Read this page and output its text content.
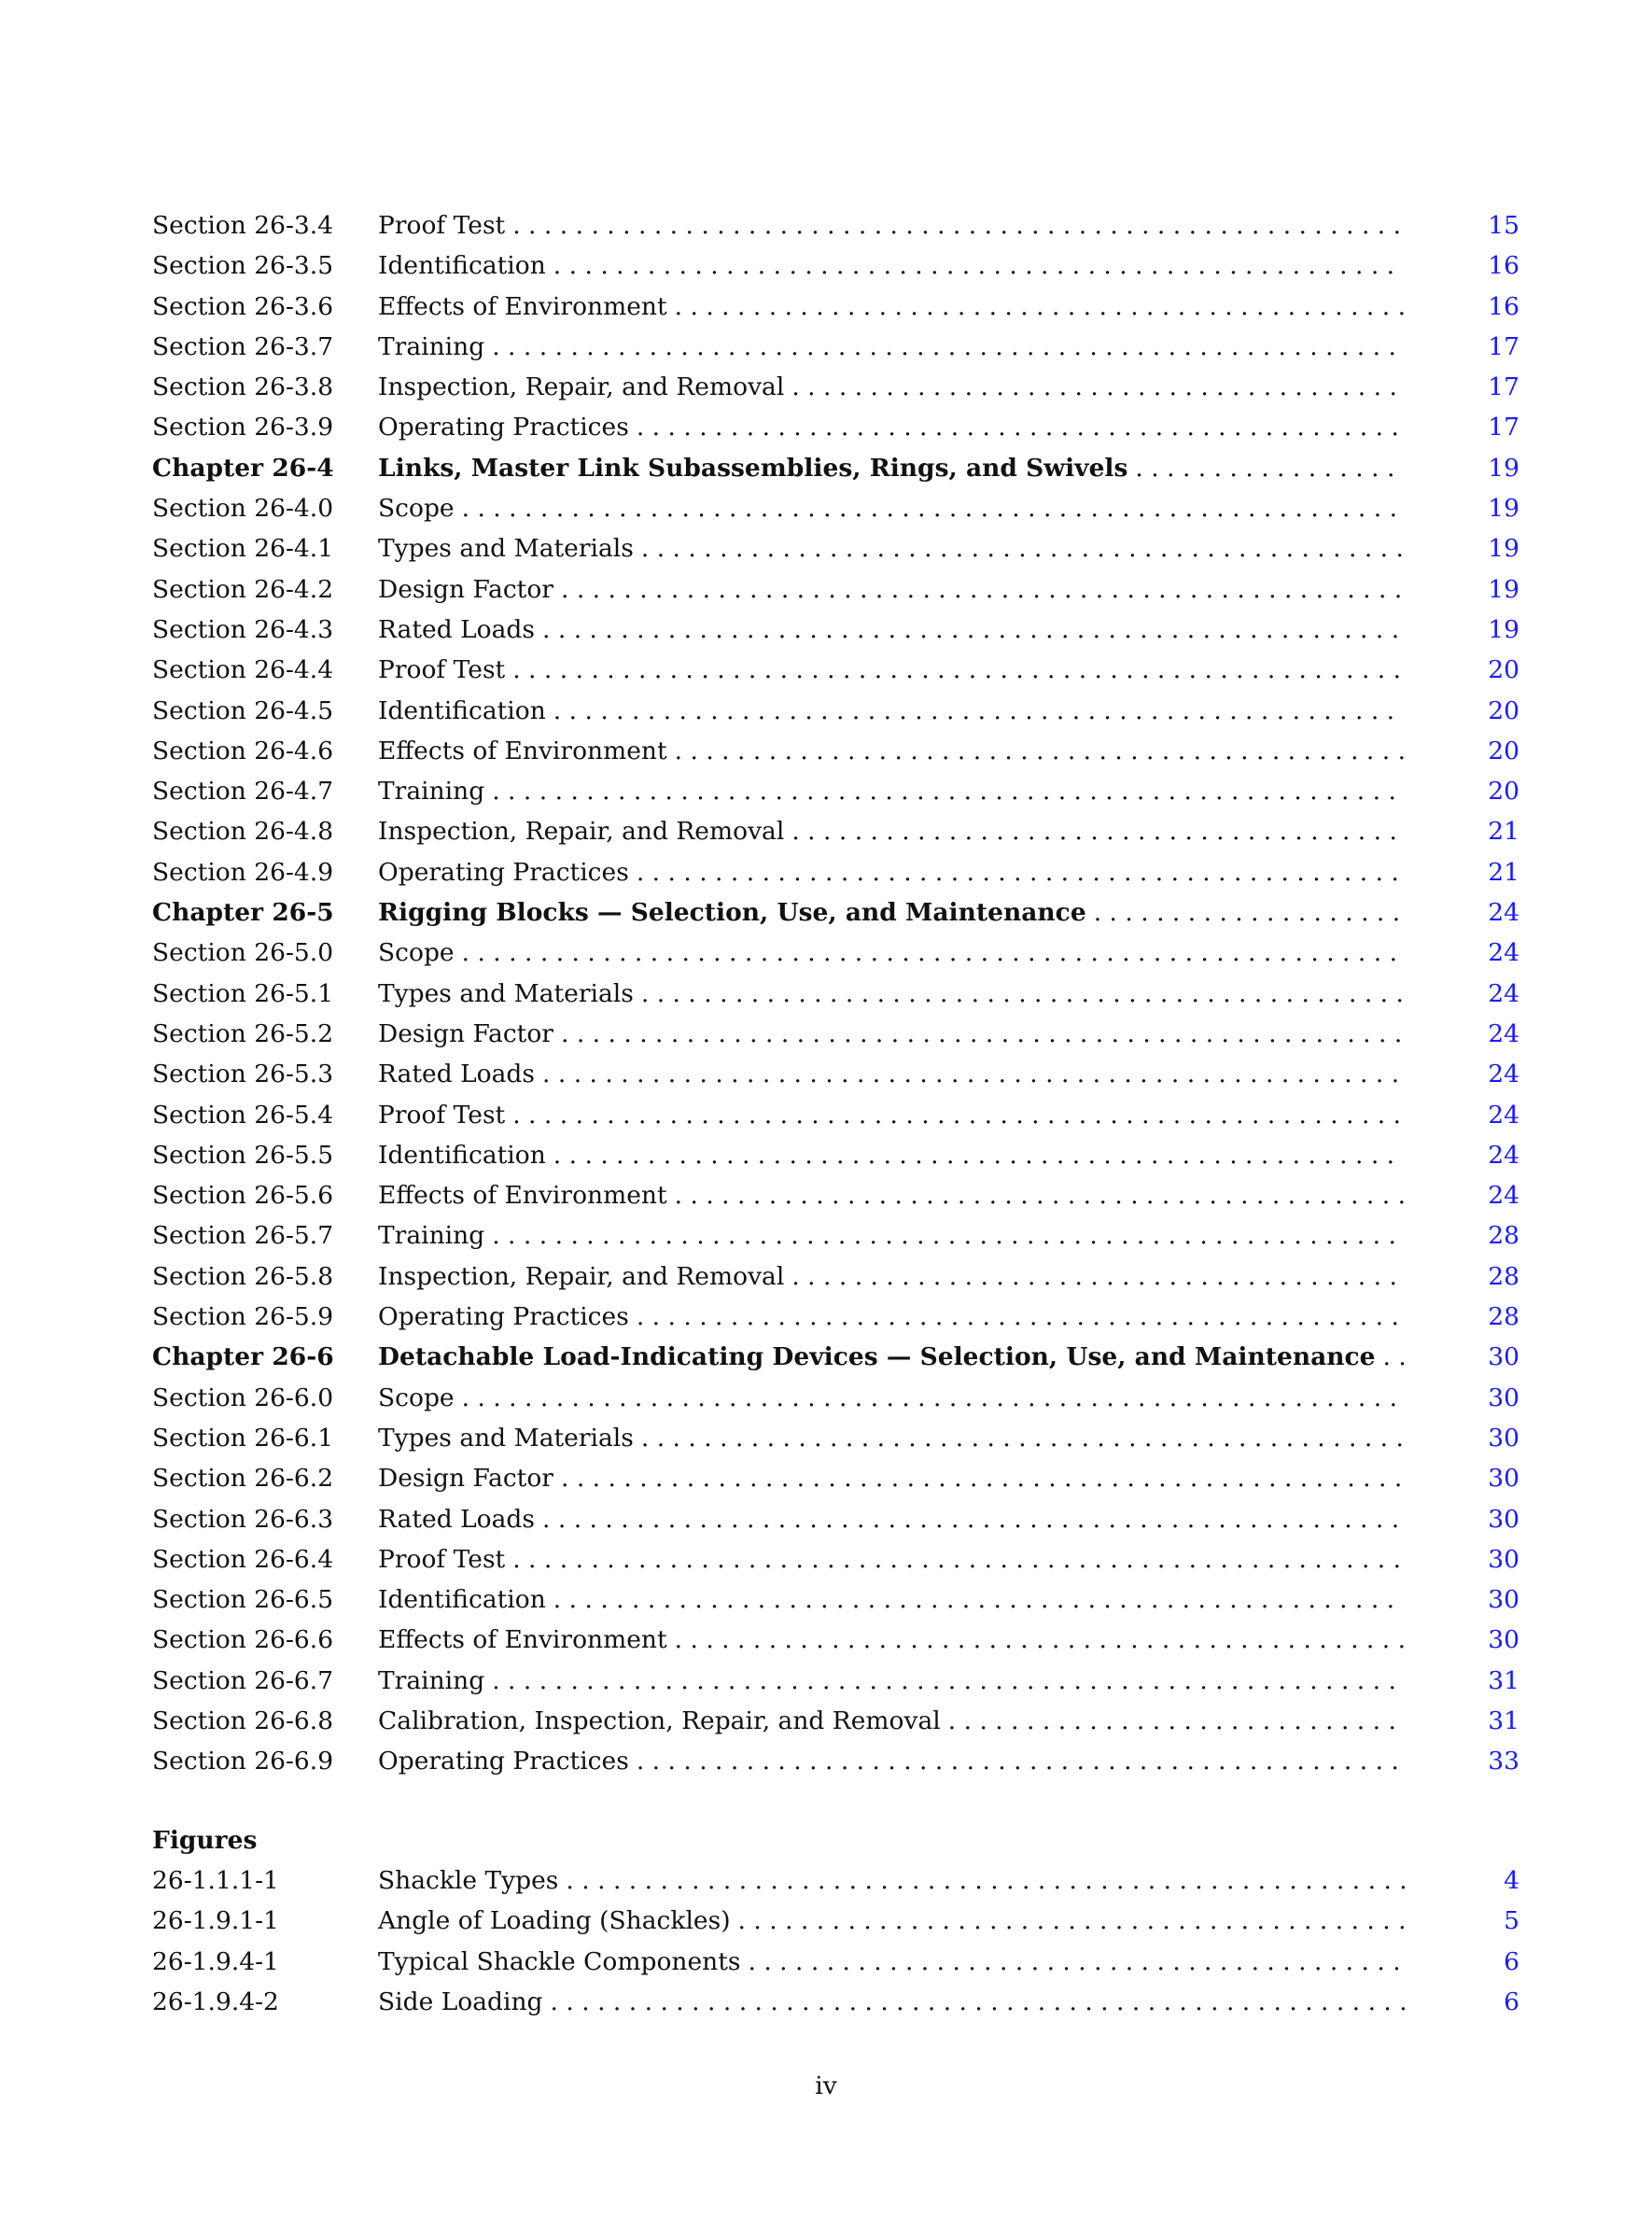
Section 26-3.4	Proof Test . . .	15
Section 26-3.5	Identification . . .	16
Section 26-3.6	Effects of Environment . . .	16
Section 26-3.7	Training . . .	17
Section 26-3.8	Inspection, Repair, and Removal . . .	17
Section 26-3.9	Operating Practices . . .	17
Chapter 26-4	Links, Master Link Subassemblies, Rings, and Swivels . . .	19
Section 26-4.0	Scope . . .	19
Section 26-4.1	Types and Materials . . .	19
Section 26-4.2	Design Factor . . .	19
Section 26-4.3	Rated Loads . . .	19
Section 26-4.4	Proof Test . . .	20
Section 26-4.5	Identification . . .	20
Section 26-4.6	Effects of Environment . . .	20
Section 26-4.7	Training . . .	20
Section 26-4.8	Inspection, Repair, and Removal . . .	21
Section 26-4.9	Operating Practices . . .	21
Chapter 26-5	Rigging Blocks — Selection, Use, and Maintenance . . .	24
Section 26-5.0	Scope . . .	24
Section 26-5.1	Types and Materials . . .	24
Section 26-5.2	Design Factor . . .	24
Section 26-5.3	Rated Loads . . .	24
Section 26-5.4	Proof Test . . .	24
Section 26-5.5	Identification . . .	24
Section 26-5.6	Effects of Environment . . .	24
Section 26-5.7	Training . . .	28
Section 26-5.8	Inspection, Repair, and Removal . . .	28
Section 26-5.9	Operating Practices . . .	28
Chapter 26-6	Detachable Load-Indicating Devices — Selection, Use, and Maintenance . . .	30
Section 26-6.0	Scope . . .	30
Section 26-6.1	Types and Materials . . .	30
Section 26-6.2	Design Factor . . .	30
Section 26-6.3	Rated Loads . . .	30
Section 26-6.4	Proof Test . . .	30
Section 26-6.5	Identification . . .	30
Section 26-6.6	Effects of Environment . . .	30
Section 26-6.7	Training . . .	31
Section 26-6.8	Calibration, Inspection, Repair, and Removal . . .	31
Section 26-6.9	Operating Practices . . .	33
Figures
26-1.1.1-1	Shackle Types . . .	4
26-1.9.1-1	Angle of Loading (Shackles) . . .	5
26-1.9.4-1	Typical Shackle Components . . .	6
26-1.9.4-2	Side Loading . . .	6
iv
